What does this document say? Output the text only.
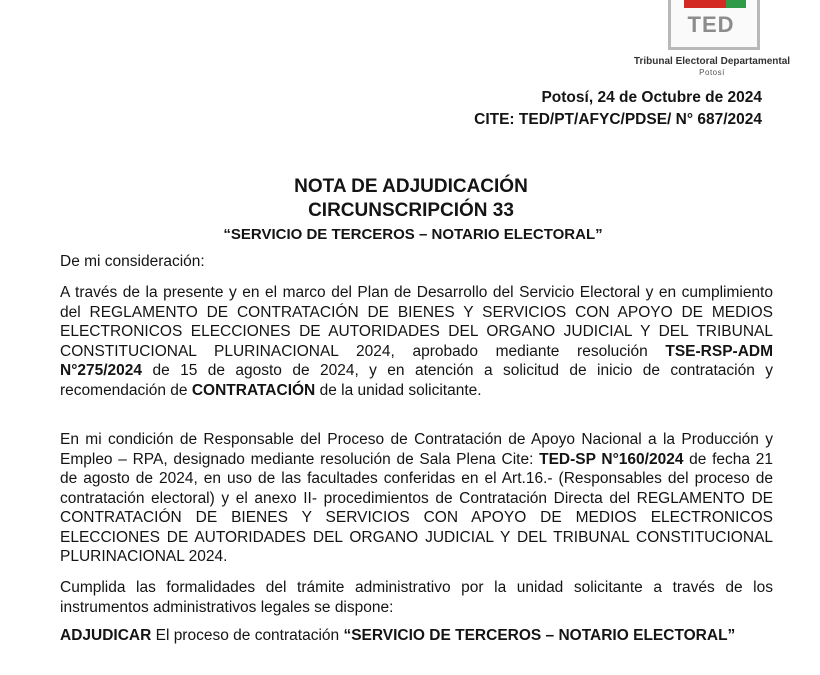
TED
Tribunal Electoral Departamental
Potosí
Potosí, 24 de Octubre de 2024
CITE: TED/PT/AFYC/PDSE/ N° 687/2024
NOTA DE ADJUDICACIÓN
CIRCUNSCRIPCIÓN 33
“SERVICIO DE TERCEROS – NOTARIO ELECTORAL”
De mi consideración:
A través de la presente y en el marco del Plan de Desarrollo del Servicio Electoral y en cumplimiento del REGLAMENTO DE CONTRATACIÓN DE BIENES Y SERVICIOS CON APOYO DE MEDIOS ELECTRONICOS ELECCIONES DE AUTORIDADES DEL ORGANO JUDICIAL Y DEL TRIBUNAL CONSTITUCIONAL PLURINACIONAL 2024, aprobado mediante resolución TSE-RSP-ADM N°275/2024 de 15 de agosto de 2024, y en atención a solicitud de inicio de contratación y recomendación de CONTRATACIÓN de la unidad solicitante.
En mi condición de Responsable del Proceso de Contratación de Apoyo Nacional a la Producción y Empleo – RPA, designado mediante resolución de Sala Plena Cite: TED-SP N°160/2024 de fecha 21 de agosto de 2024, en uso de las facultades conferidas en el Art.16.- (Responsables del proceso de contratación electoral) y el anexo II- procedimientos de Contratación Directa del REGLAMENTO DE CONTRATACIÓN DE BIENES Y SERVICIOS CON APOYO DE MEDIOS ELECTRONICOS ELECCIONES DE AUTORIDADES DEL ORGANO JUDICIAL Y DEL TRIBUNAL CONSTITUCIONAL PLURINACIONAL 2024.
Cumplida las formalidades del trámite administrativo por la unidad solicitante a través de los instrumentos administrativos legales se dispone:
ADJUDICAR El proceso de contratación “SERVICIO DE TERCEROS – NOTARIO ELECTORAL”
